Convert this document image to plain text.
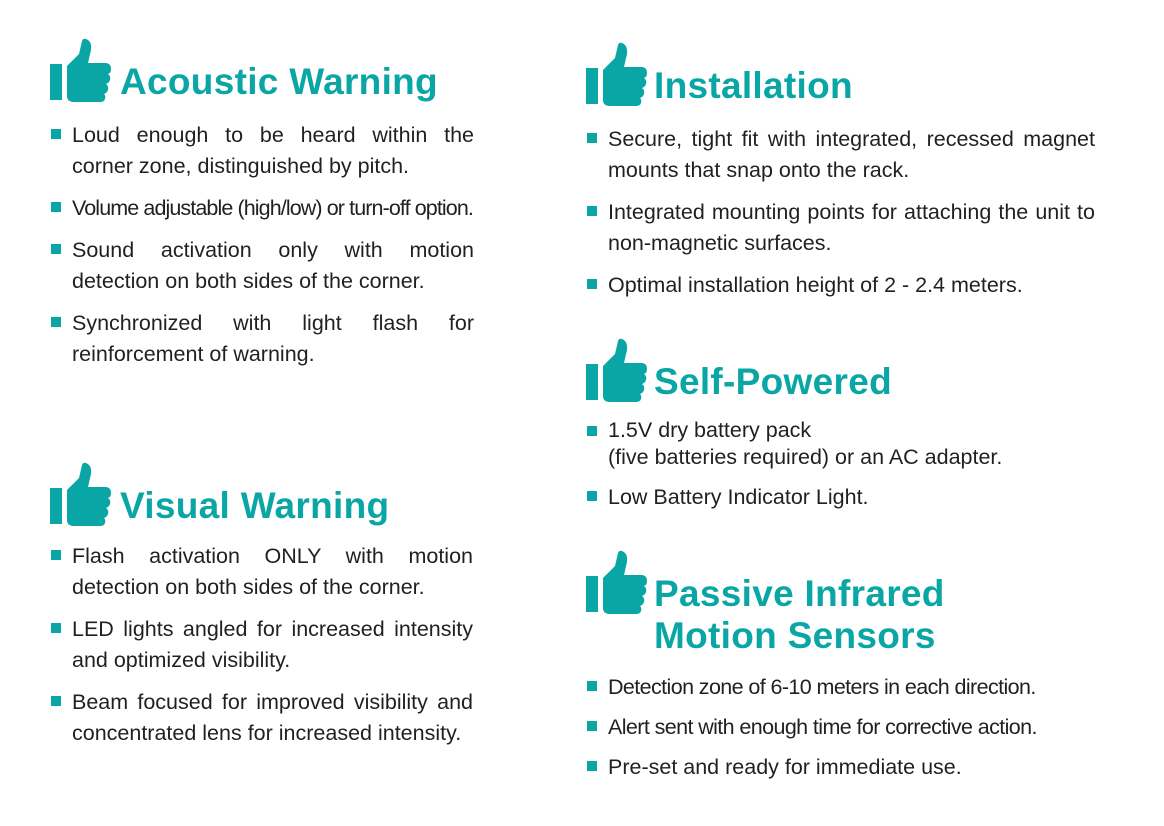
Acoustic Warning
Loud enough to be heard within the corner zone, distinguished by pitch.
Volume adjustable (high/low) or turn-off option.
Sound activation only with motion detection on both sides of the corner.
Synchronized with light flash for reinforcement of warning.
Visual Warning
Flash activation ONLY with motion detection on both sides of the corner.
LED lights angled for increased intensity and optimized visibility.
Beam focused for improved visibility and concentrated lens for increased intensity.
Installation
Secure, tight fit with integrated, recessed magnet mounts that snap onto the rack.
Integrated mounting points for attaching the unit to non-magnetic surfaces.
Optimal installation height of 2 - 2.4 meters.
Self-Powered
1.5V dry battery pack
(five batteries required) or an AC adapter.
Low Battery Indicator Light.
Passive Infrared
Motion Sensors
Detection zone of 6-10 meters in each direction.
Alert sent with enough time for corrective action.
Pre-set and ready for immediate use.
